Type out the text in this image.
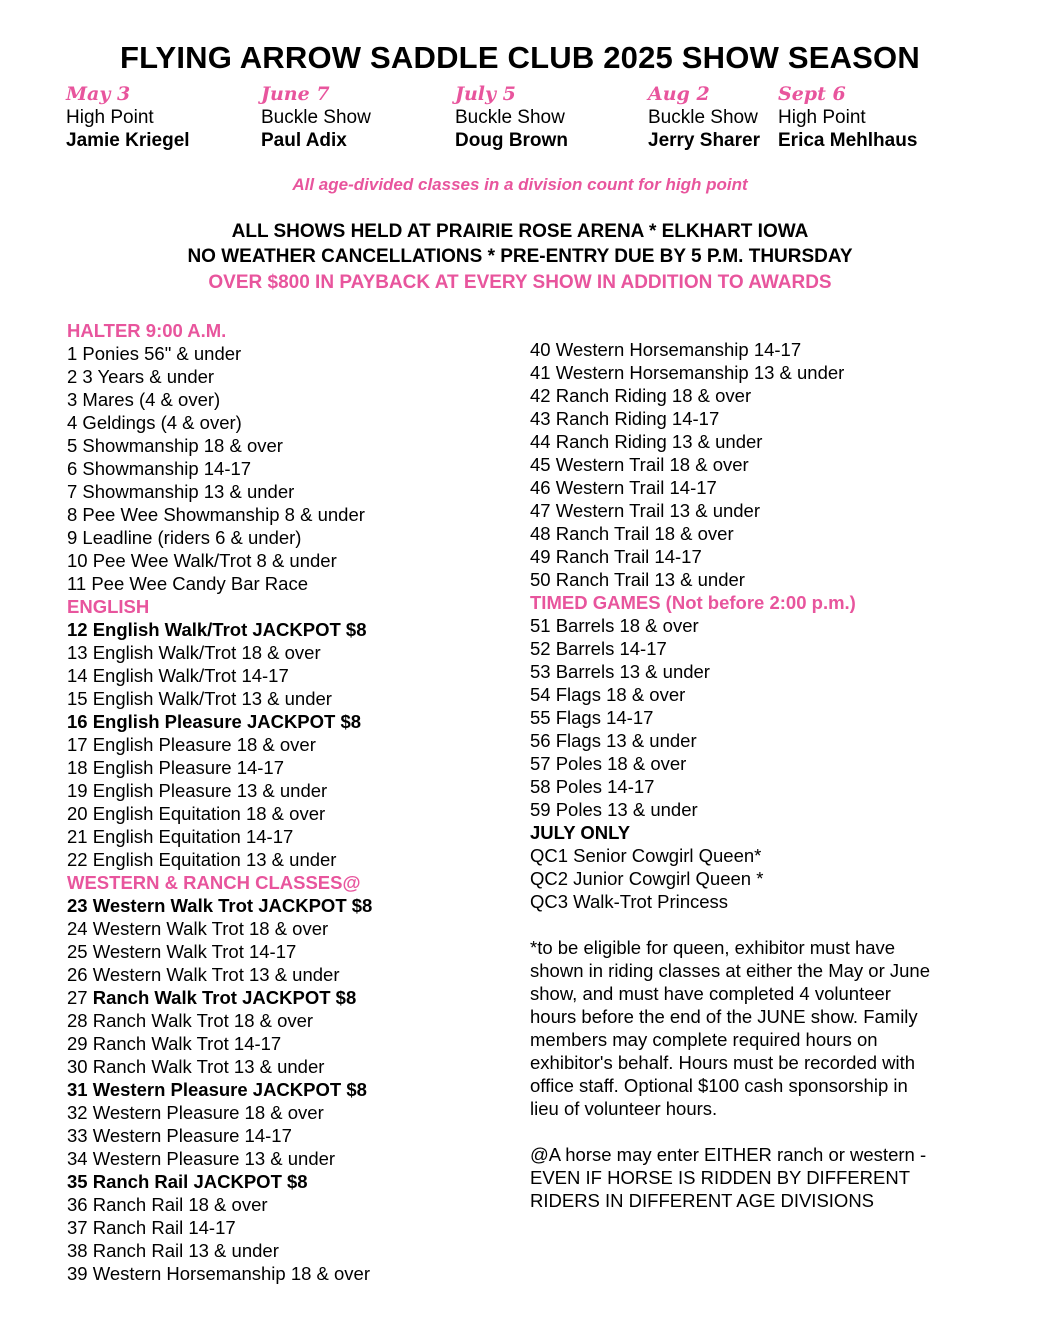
FLYING ARROW SADDLE CLUB 2025 SHOW SEASON
May 3
High Point
Jamie Kriegel
June 7
Buckle Show
Paul Adix
July 5
Buckle Show
Doug Brown
Aug 2
Buckle Show
Jerry Sharer
Sept 6
High Point
Erica Mehlhaus
All age-divided classes in a division count for high point
ALL SHOWS HELD AT PRAIRIE ROSE ARENA * ELKHART IOWA
NO WEATHER CANCELLATIONS * PRE-ENTRY DUE BY 5 P.M. THURSDAY
OVER $800 IN PAYBACK AT EVERY SHOW IN ADDITION TO AWARDS
HALTER 9:00 A.M.
1 Ponies 56" & under
2 3 Years & under
3 Mares (4 & over)
4 Geldings (4 & over)
5 Showmanship 18 & over
6 Showmanship 14-17
7 Showmanship 13 & under
8 Pee Wee Showmanship 8 & under
9 Leadline (riders 6 & under)
10 Pee Wee Walk/Trot 8 & under
11 Pee Wee Candy Bar Race
ENGLISH
12 English Walk/Trot JACKPOT $8
13 English Walk/Trot 18 & over
14 English Walk/Trot 14-17
15 English Walk/Trot 13 & under
16 English Pleasure JACKPOT $8
17 English Pleasure 18 & over
18 English Pleasure 14-17
19 English Pleasure 13 & under
20 English Equitation 18 & over
21 English Equitation 14-17
22 English Equitation 13 & under
WESTERN & RANCH CLASSES@
23 Western Walk Trot JACKPOT $8
24 Western Walk Trot 18 & over
25 Western Walk Trot 14-17
26 Western Walk Trot 13 & under
27 Ranch Walk Trot JACKPOT $8
28 Ranch Walk Trot 18 & over
29 Ranch Walk Trot 14-17
30 Ranch Walk Trot 13 & under
31 Western Pleasure JACKPOT $8
32 Western Pleasure 18 & over
33 Western Pleasure 14-17
34 Western Pleasure 13 & under
35 Ranch Rail JACKPOT $8
36 Ranch Rail 18 & over
37 Ranch Rail 14-17
38 Ranch Rail 13 & under
39 Western Horsemanship 18 & over
40 Western Horsemanship 14-17
41 Western Horsemanship 13 & under
42 Ranch Riding 18 & over
43 Ranch Riding 14-17
44 Ranch Riding 13 & under
45 Western Trail 18 & over
46 Western Trail 14-17
47 Western Trail 13 & under
48 Ranch Trail 18 & over
49 Ranch Trail 14-17
50 Ranch Trail 13 & under
TIMED GAMES (Not before 2:00 p.m.)
51 Barrels 18 & over
52 Barrels 14-17
53 Barrels 13 & under
54 Flags 18 & over
55 Flags 14-17
56 Flags 13 & under
57 Poles 18 & over
58 Poles 14-17
59 Poles 13 & under
JULY ONLY
QC1 Senior Cowgirl Queen*
QC2 Junior Cowgirl Queen *
QC3 Walk-Trot Princess
*to be eligible for queen, exhibitor must have
shown in riding classes at either the May or June
show, and must have completed 4 volunteer
hours before the end of the JUNE show. Family
members may complete required hours on
exhibitor's behalf. Hours must be recorded with
office staff. Optional $100 cash sponsorship in
lieu of volunteer hours.
@A horse may enter EITHER ranch or western -
EVEN IF HORSE IS RIDDEN BY DIFFERENT
RIDERS IN DIFFERENT AGE DIVISIONS
